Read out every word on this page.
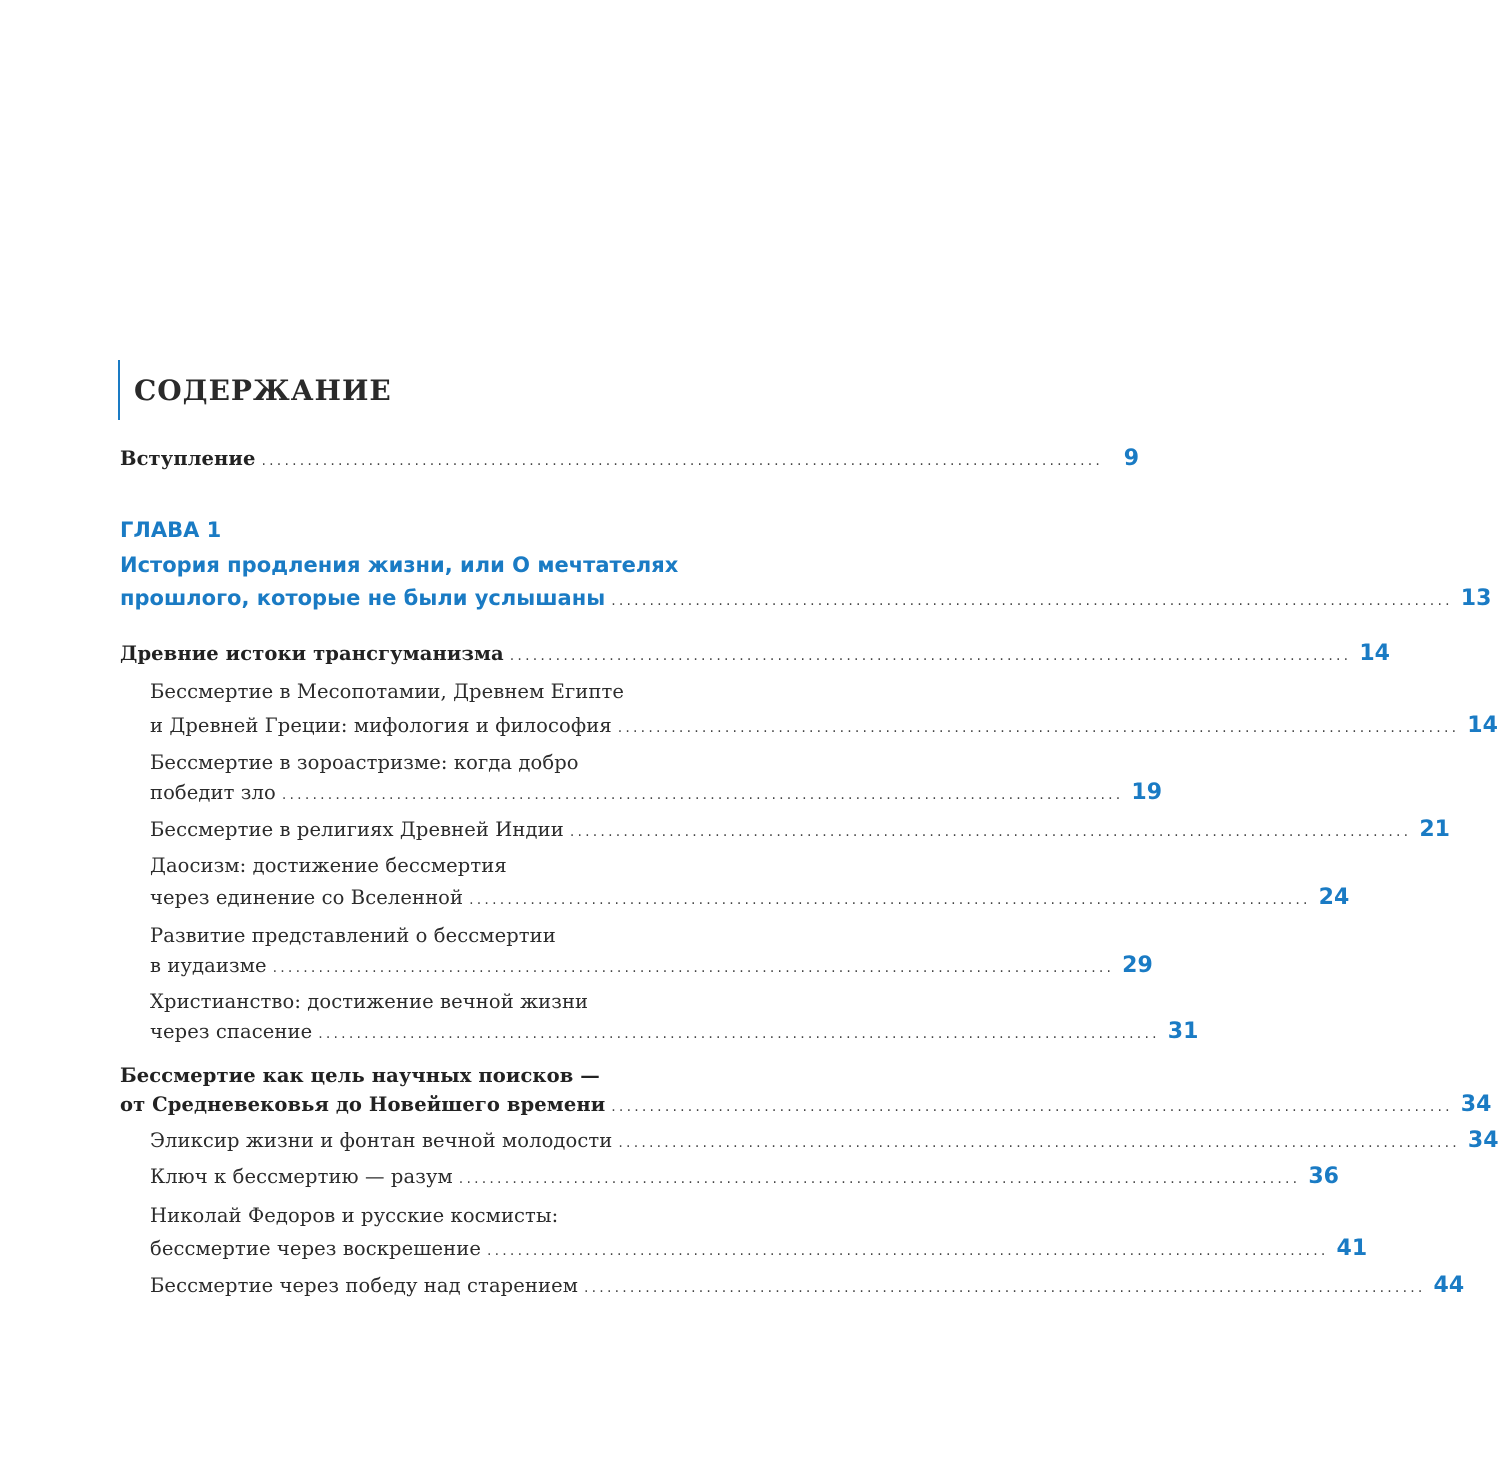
СОДЕРЖАНИЕ
Вступление .............................................................................................................. 9
ГЛАВА 1
История продления жизни, или О мечтателях
прошлого, которые не были услышаны .............................................................................................................. 13
Древние истоки трансгуманизма .............................................................................................................. 14
Бессмертие в Месопотамии, Древнем Египте
и Древней Греции: мифология и философия .............................................................................................................. 14
Бессмертие в зороастризме: когда добро
победит зло .............................................................................................................. 19
Бессмертие в религиях Древней Индии .............................................................................................................. 21
Даосизм: достижение бессмертия
через единение со Вселенной .............................................................................................................. 24
Развитие представлений о бессмертии
в иудаизме .............................................................................................................. 29
Христианство: достижение вечной жизни
через спасение .............................................................................................................. 31
Бессмертие как цель научных поисков —
от Средневековья до Новейшего времени .............................................................................................................. 34
Эликсир жизни и фонтан вечной молодости .............................................................................................................. 34
Ключ к бессмертию — разум .............................................................................................................. 36
Николай Федоров и русские космисты:
бессмертие через воскрешение .............................................................................................................. 41
Бессмертие через победу над старением .............................................................................................................. 44
